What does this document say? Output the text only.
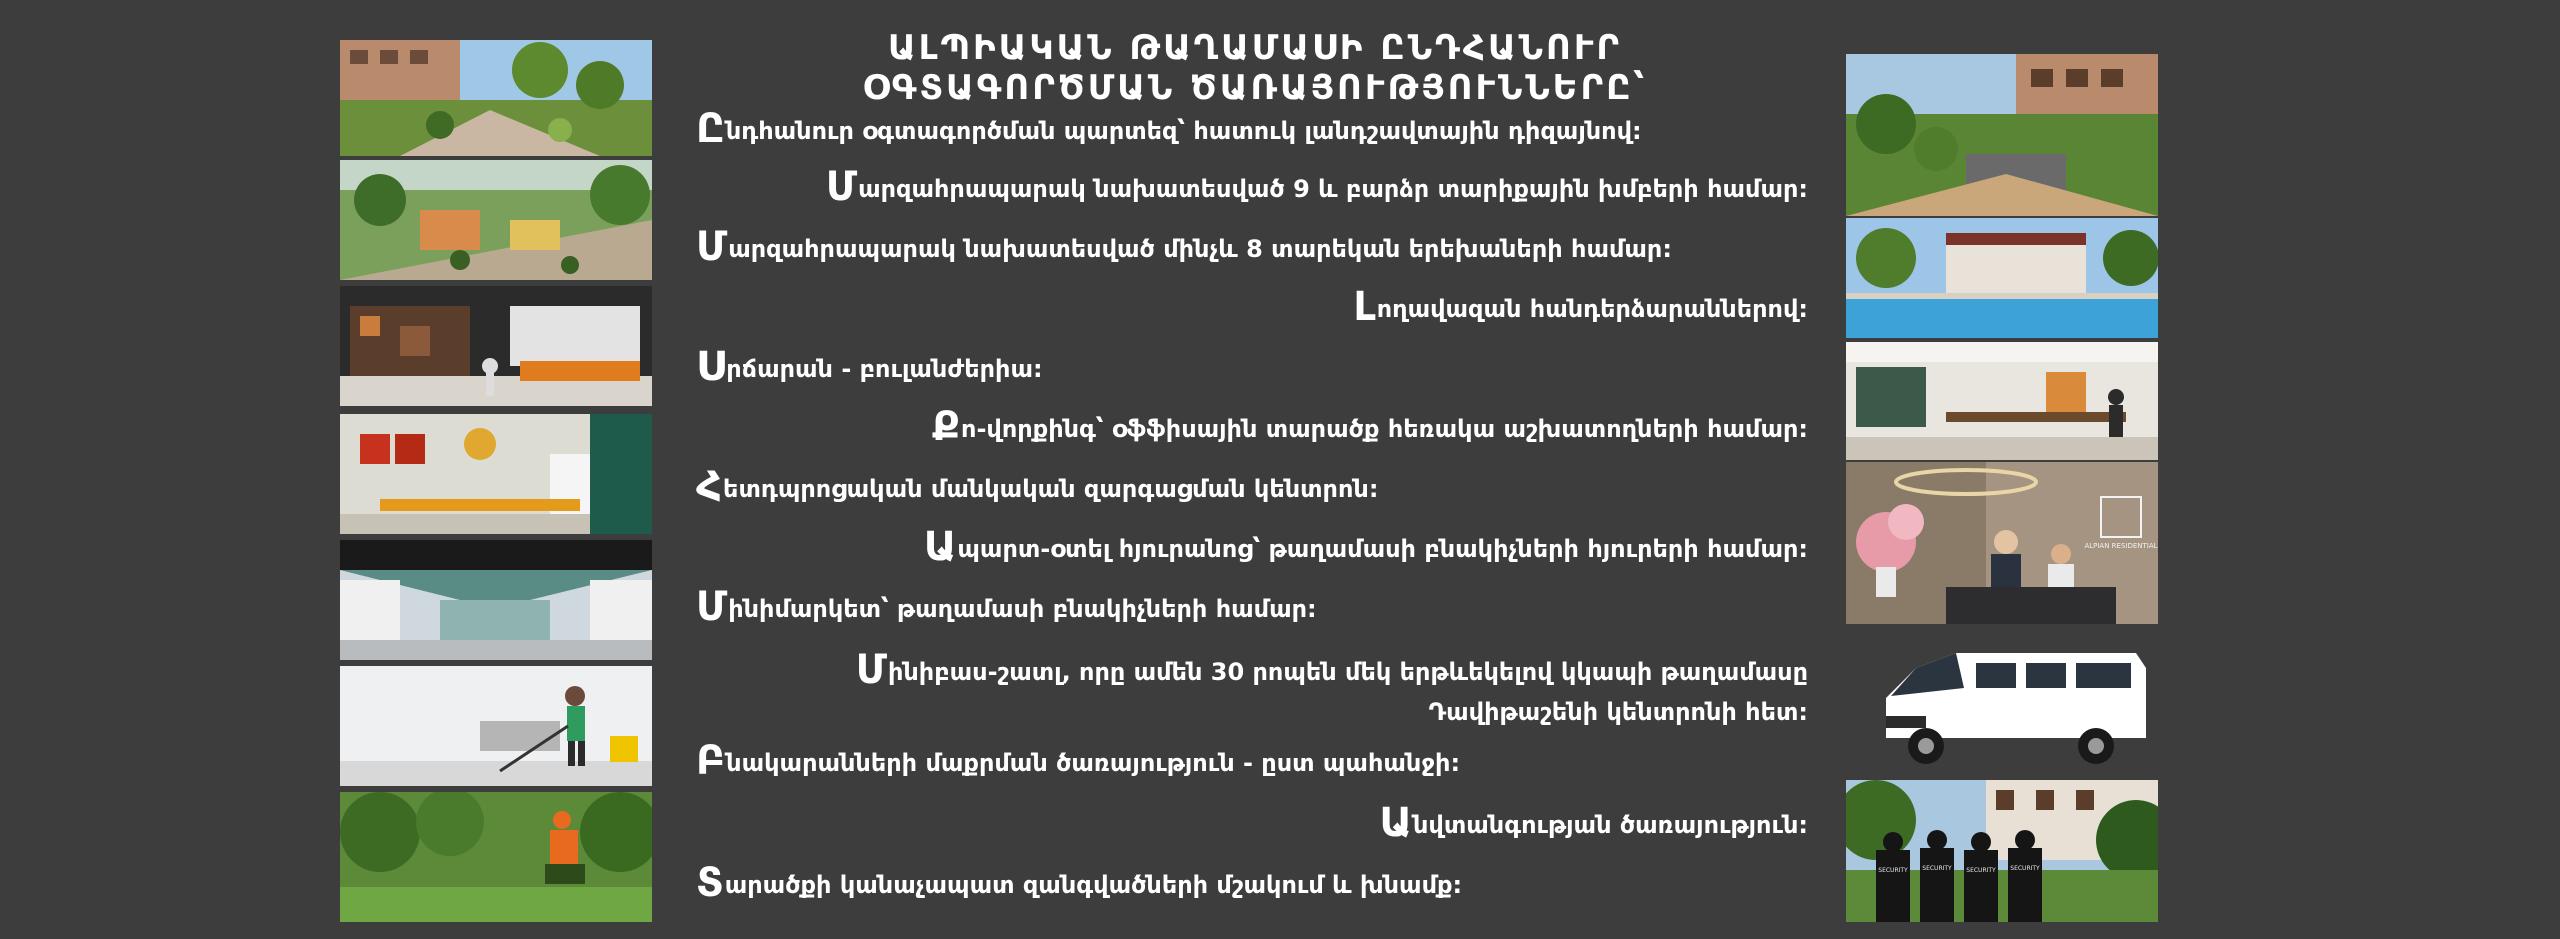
ԱԼՊԻԱԿԱՆ ԹԱՂԱՄԱՍԻ ԸՆԴՀԱՆՈՒՐ
ՕԳՏԱԳՈՐԾՄԱՆ ԾԱՌԱՅՈՒԹՅՈՒՆՆԵՐԸ՝
ALPIAN RESIDENTIAL
SECURITY SECURITY SECURITY SECURITY
Ընդհանուր օգտագործման պարտեզ՝ հատուկ լանդշավտային դիզայնով:
Մարզահրապարակ նախատեսված 9 և բարձր տարիքային խմբերի համար:
Մարզահրապարակ նախատեսված մինչև 8 տարեկան երեխաների համար:
Լողավազան հանդերձարաններով:
Սրճարան - բուլանժերիա:
Քո-վորքինգ՝ օֆֆիսային տարածք հեռակա աշխատողների համար:
Հետդպրոցական մանկական զարգացման կենտրոն:
Ապարտ-օտել հյուրանոց՝ թաղամասի բնակիչների հյուրերի համար:
Մինիմարկետ՝ թաղամասի բնակիչների համար:
Մինիբաս-շատլ, որը ամեն 30 րոպեն մեկ երթևեկելով կկապի թաղամասը
Դավիթաշենի կենտրոնի հետ:
Բնակարանների մաքրման ծառայություն - ըստ պահանջի:
Անվտանգության ծառայություն:
Տարածքի կանաչապատ զանգվածների մշակում և խնամք:
